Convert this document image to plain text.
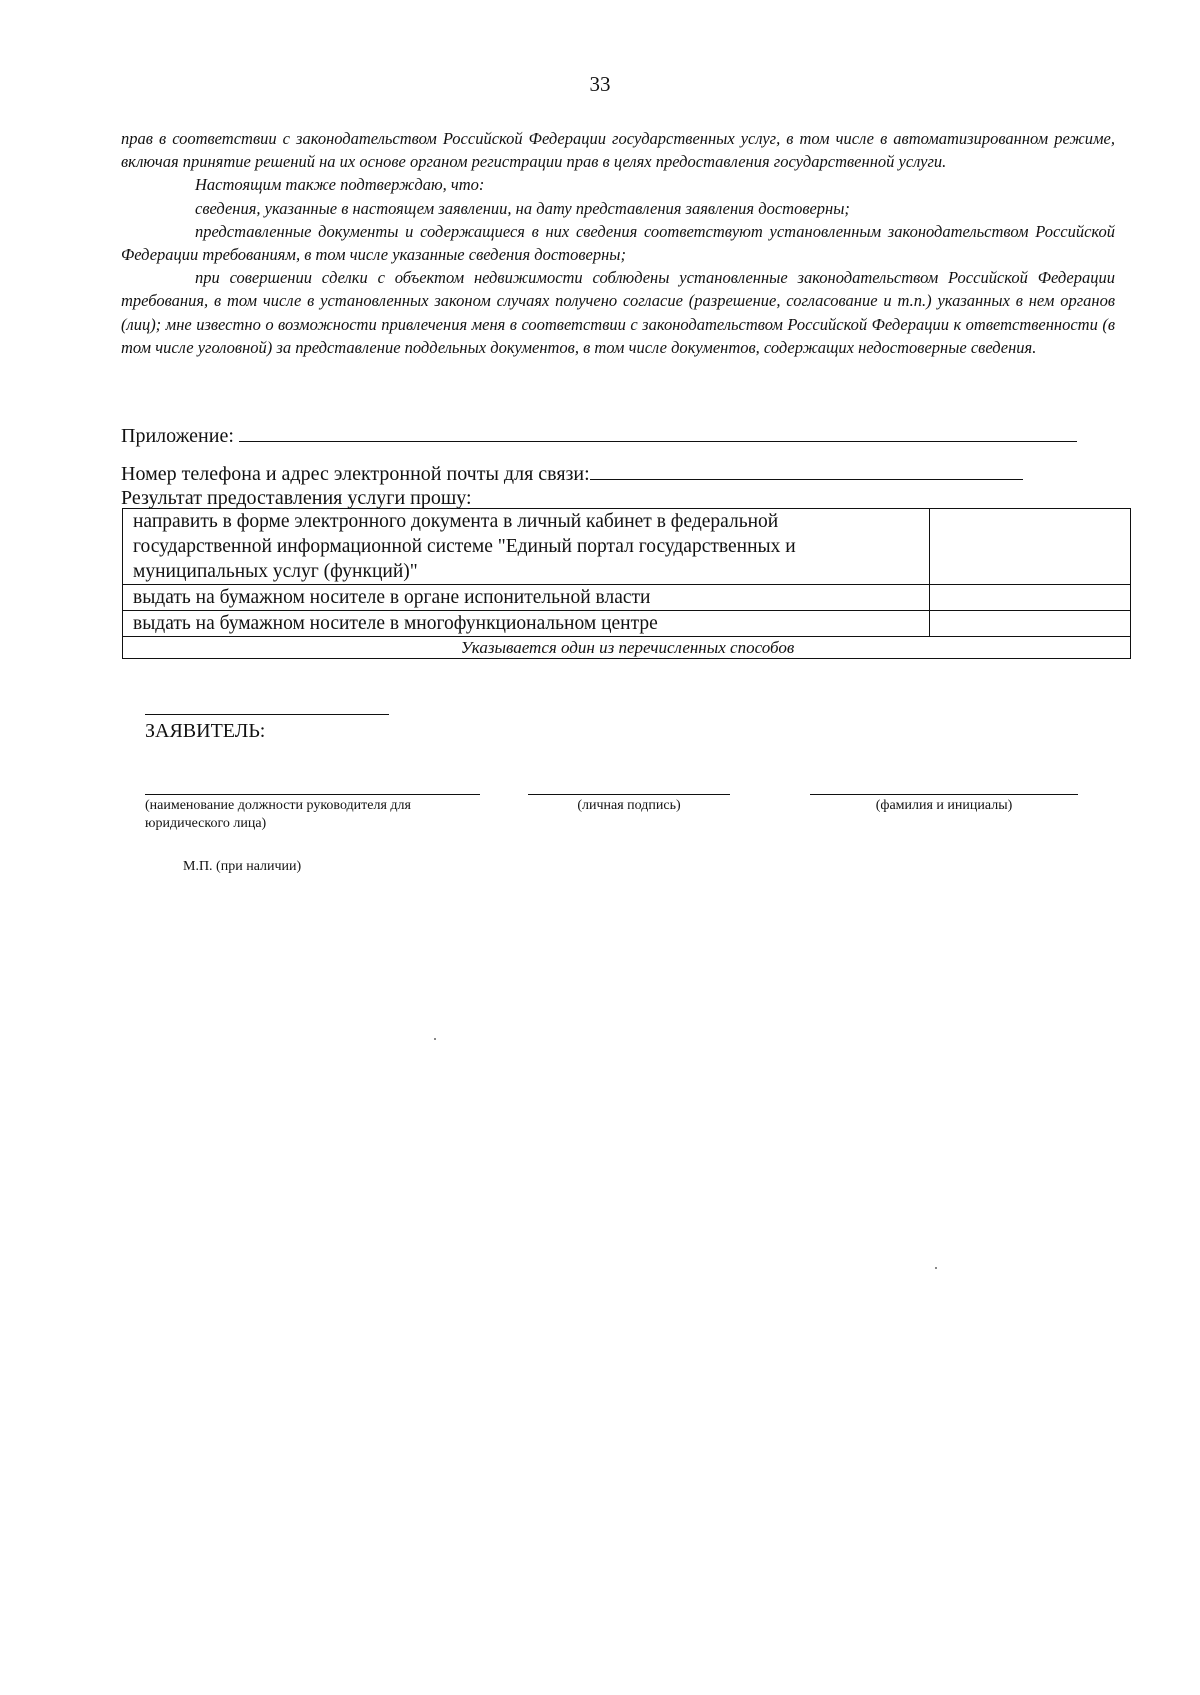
33

прав в соответствии с законодательством Российской Федерации государственных услуг, в том числе в автоматизированном режиме, включая принятие решений на их основе органом регистрации прав в целях предоставления государственной услуги.

Настоящим также подтверждаю, что:

сведения, указанные в настоящем заявлении, на дату представления заявления достоверны;

представленные документы и содержащиеся в них сведения соответствуют установленным законодательством Российской Федерации требованиям, в том числе указанные сведения достоверны;

при совершении сделки с объектом недвижимости соблюдены установленные законодательством Российской Федерации требования, в том числе в установленных законом случаях получено согласие (разрешение, согласование и т.п.) указанных в нем органов (лиц); мне известно о возможности привлечения меня в соответствии с законодательством Российской Федерации к ответственности (в том числе уголовной) за представление поддельных документов, в том числе документов, содержащих недостоверные сведения.

Приложение:
Номер телефона и адрес электронной почты для связи:
Результат предоставления услуги прошу:
направить в форме электронного документа в личный кабинет в федеральной государственной информационной системе "Единый портал государственных и муниципальных услуг (функций)"	
выдать на бумажном носителе в органе испонительной власти	
выдать на бумажном носителе в многофункциональном центре	
Указывается один из перечисленных способов	
ЗАЯВИТЕЛЬ:
(наименование должности руководителя для юридического лица)
(личная подпись)	(фамилия и инициалы)
М.П. (при наличии)
